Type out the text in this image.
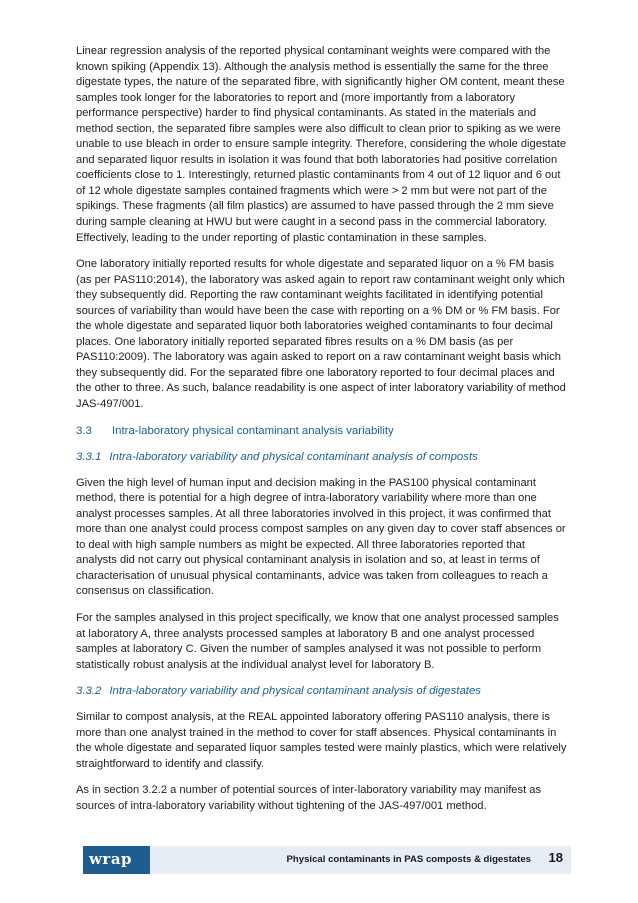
Linear regression analysis of the reported physical contaminant weights were compared with the known spiking (Appendix 13). Although the analysis method is essentially the same for the three digestate types, the nature of the separated fibre, with significantly higher OM content, meant these samples took longer for the laboratories to report and (more importantly from a laboratory performance perspective) harder to find physical contaminants. As stated in the materials and method section, the separated fibre samples were also difficult to clean prior to spiking as we were unable to use bleach in order to ensure sample integrity. Therefore, considering the whole digestate and separated liquor results in isolation it was found that both laboratories had positive correlation coefficients close to 1. Interestingly, returned plastic contaminants from 4 out of 12 liquor and 6 out of 12 whole digestate samples contained fragments which were > 2 mm but were not part of the spikings. These fragments (all film plastics) are assumed to have passed through the 2 mm sieve during sample cleaning at HWU but were caught in a second pass in the commercial laboratory. Effectively, leading to the under reporting of plastic contamination in these samples.

One laboratory initially reported results for whole digestate and separated liquor on a % FM basis (as per PAS110:2014), the laboratory was asked again to report raw contaminant weight only which they subsequently did. Reporting the raw contaminant weights facilitated in identifying potential sources of variability than would have been the case with reporting on a % DM or % FM basis. For the whole digestate and separated liquor both laboratories weighed contaminants to four decimal places. One laboratory initially reported separated fibres results on a % DM basis (as per PAS110:2009). The laboratory was again asked to report on a raw contaminant weight basis which they subsequently did. For the separated fibre one laboratory reported to four decimal places and the other to three. As such, balance readability is one aspect of inter laboratory variability of method JAS-497/001.

3.3 Intra-laboratory physical contaminant analysis variability
3.3.1 Intra-laboratory variability and physical contaminant analysis of composts

Given the high level of human input and decision making in the PAS100 physical contaminant method, there is potential for a high degree of intra-laboratory variability where more than one analyst processes samples. At all three laboratories involved in this project, it was confirmed that more than one analyst could process compost samples on any given day to cover staff absences or to deal with high sample numbers as might be expected. All three laboratories reported that analysts did not carry out physical contaminant analysis in isolation and so, at least in terms of characterisation of unusual physical contaminants, advice was taken from colleagues to reach a consensus on classification.

For the samples analysed in this project specifically, we know that one analyst processed samples at laboratory A, three analysts processed samples at laboratory B and one analyst processed samples at laboratory C. Given the number of samples analysed it was not possible to perform statistically robust analysis at the individual analyst level for laboratory B.

3.3.2 Intra-laboratory variability and physical contaminant analysis of digestates

Similar to compost analysis, at the REAL appointed laboratory offering PAS110 analysis, there is more than one analyst trained in the method to cover for staff absences. Physical contaminants in the whole digestate and separated liquor samples tested were mainly plastics, which were relatively straightforward to identify and classify.

As in section 3.2.2 a number of potential sources of inter-laboratory variability may manifest as sources of intra-laboratory variability without tightening of the JAS-497/001 method.

wrap	Physical contaminants in PAS composts & digestates 18
